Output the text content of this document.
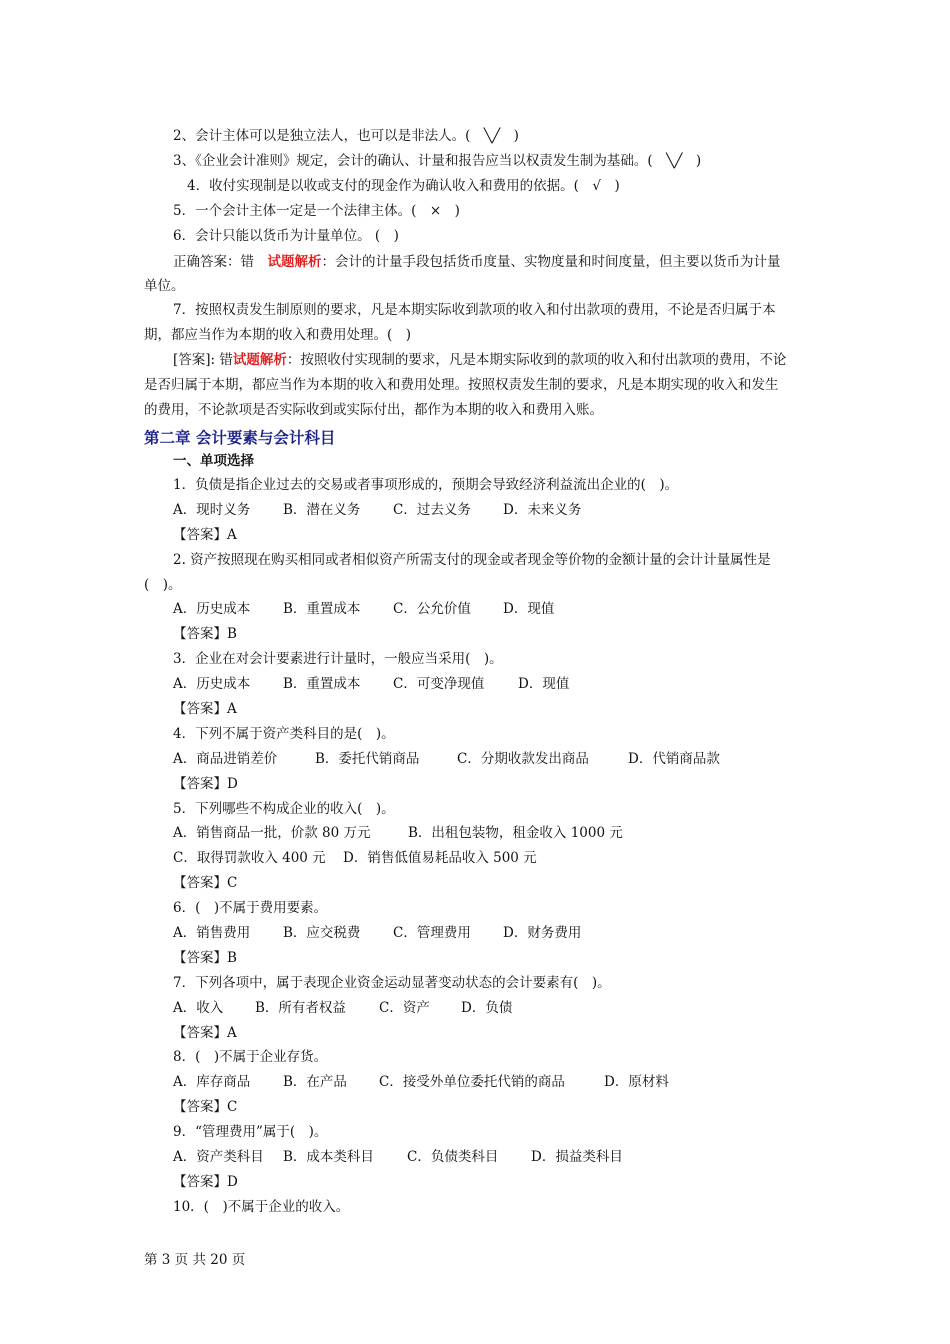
2、会计主体可以是独立法人，也可以是非法人。(　╲╱　)
3、《企业会计准则》规定，会计的确认、计量和报告应当以权责发生制为基础。(　╲╱　)
4．收付实现制是以收或支付的现金作为确认收入和费用的依据。(　√　)
5．一个会计主体一定是一个法律主体。(　×　)
6．会计只能以货币为计量单位。 (　)
正确答案：错　试题解析：会计的计量手段包括货币度量、实物度量和时间度量，但主要以货币为计量
单位。
7．按照权责发生制原则的要求，凡是本期实际收到款项的收入和付出款项的费用，不论是否归属于本
期，都应当作为本期的收入和费用处理。(　)
[答案]: 错试题解析：按照收付实现制的要求，凡是本期实际收到的款项的收入和付出款项的费用，不论
是否归属于本期，都应当作为本期的收入和费用处理。按照权责发生制的要求，凡是本期实现的收入和发生
的费用，不论款项是否实际收到或实际付出，都作为本期的收入和费用入账。
第二章 会计要素与会计科目
一、单项选择
1．负债是指企业过去的交易或者事项形成的，预期会导致经济利益流出企业的(　)。
A．现时义务 B．潜在义务 C．过去义务 D．未来义务
【答案】A
2. 资产按照现在购买相同或者相似资产所需支付的现金或者现金等价物的金额计量的会计计量属性是
(　)。
A．历史成本 B．重置成本 C．公允价值 D．现值
【答案】B
3．企业在对会计要素进行计量时，一般应当采用(　)。
A．历史成本 B．重置成本 C．可变净现值 D．现值
【答案】A
4．下列不属于资产类科目的是(　)。
A．商品进销差价	B．委托代销商品	C．分期收款发出商品	D．代销商品款
【答案】D
5．下列哪些不构成企业的收入(　)。
A．销售商品一批，价款 80 万元	B．出租包装物，租金收入 1000 元
C．取得罚款收入 400 元 D．销售低值易耗品收入 500 元
【答案】C
6．(　)不属于费用要素。
A．销售费用 B．应交税费 C．管理费用 D．财务费用
【答案】B
7．下列各项中，属于表现企业资金运动显著变动状态的会计要素有(　)。
A．收入 B．所有者权益 C．资产 D．负债
【答案】A
8．(　)不属于企业存货。
A．库存商品 B．在产品 C．接受外单位委托代销的商品	D．原材料
【答案】C
9．“管理费用”属于(　)。
A．资产类科目 B．成本类科目 C．负债类科目 D．损益类科目
【答案】D
10．(　)不属于企业的收入。
第 3 页 共 20 页
